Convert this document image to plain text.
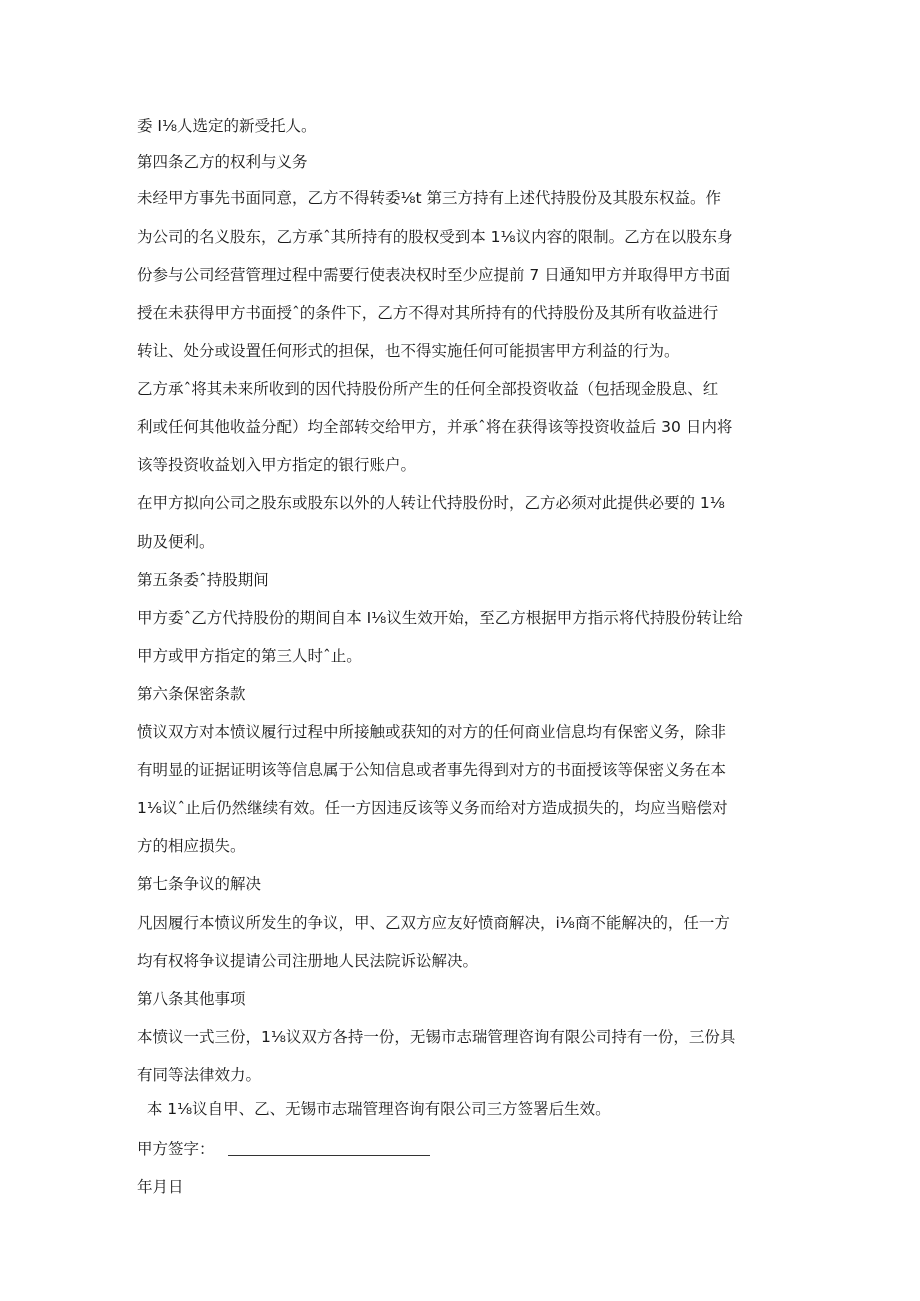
委 I⅛人选定的新受托人。

第四条乙方的权利与义务

未经甲方事先书面同意，乙方不得转委⅛t 第三方持有上述代持股份及其股东权益。作

为公司的名义股东，乙方承ˆ其所持有的股权受到本 1⅛议内容的限制。乙方在以股东身

份参与公司经营管理过程中需要行使表决权时至少应提前 7 日通知甲方并取得甲方书面

授在未获得甲方书面授ˆ的条件下，乙方不得对其所持有的代持股份及其所有收益进行

转让、处分或设置任何形式的担保，也不得实施任何可能损害甲方利益的行为。

乙方承ˆ将其未来所收到的因代持股份所产生的任何全部投资收益（包括现金股息、红

利或任何其他收益分配）均全部转交给甲方，并承ˆ将在获得该等投资收益后 30 日内将

该等投资收益划入甲方指定的银行账户。

在甲方拟向公司之股东或股东以外的人转让代持股份时，乙方必须对此提供必要的 1⅛

助及便利。

第五条委ˆ持股期间

甲方委ˆ乙方代持股份的期间自本 I⅛议生效开始，至乙方根据甲方指示将代持股份转让给

甲方或甲方指定的第三人时ˆ止。

第六条保密条款

愤议双方对本愤议履行过程中所接触或获知的对方的任何商业信息均有保密义务，除非

有明显的证据证明该等信息属于公知信息或者事先得到对方的书面授该等保密义务在本

1⅛议ˆ止后仍然继续有效。任一方因违反该等义务而给对方造成损失的，均应当赔偿对

方的相应损失。

第七条争议的解决

凡因履行本愤议所发生的争议，甲、乙双方应友好愤商解决，i⅛商不能解决的，任一方

均有权将争议提请公司注册地人民法院诉讼解决。

第八条其他事项

本愤议一式三份，1⅛议双方各持一份，无锡市志瑞管理咨询有限公司持有一份，三份具

有同等法律效力。

本 1⅛议自甲、乙、无锡市志瑞管理咨询有限公司三方签署后生效。

甲方签字：

年月日
